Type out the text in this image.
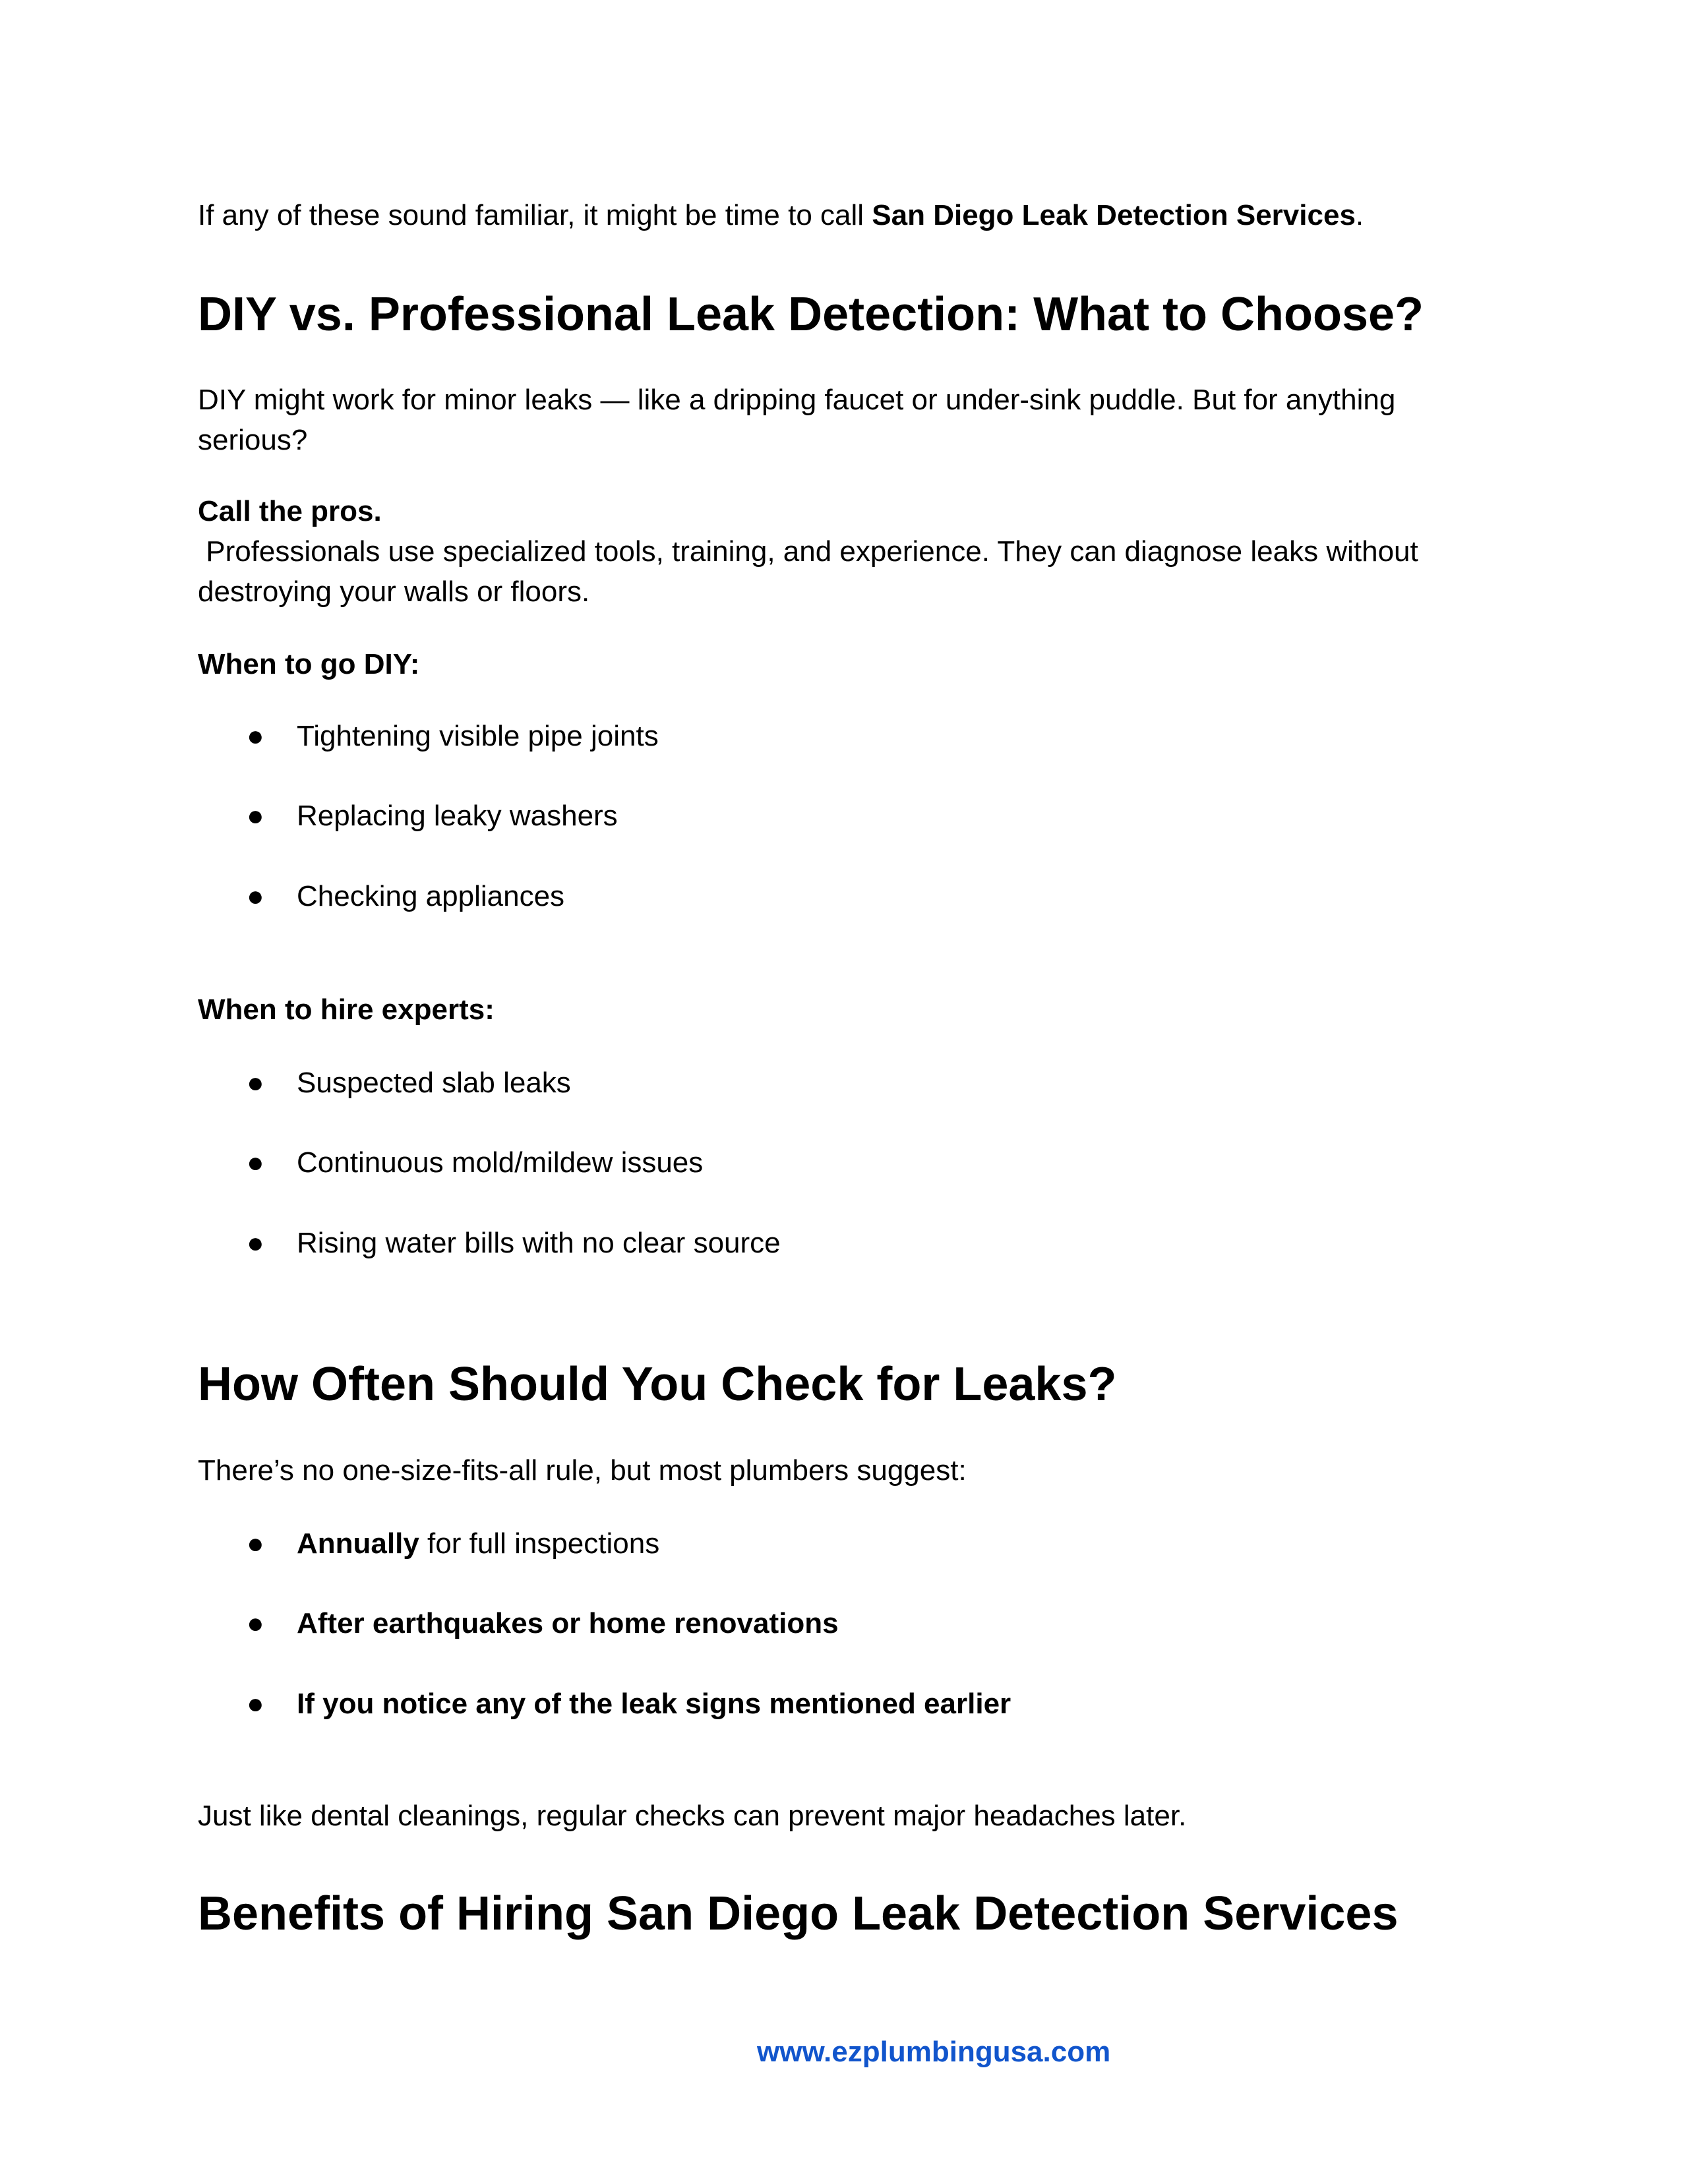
If any of these sound familiar, it might be time to call San Diego Leak Detection Services.
DIY vs. Professional Leak Detection: What to Choose?
DIY might work for minor leaks — like a dripping faucet or under-sink puddle. But for anything
serious?
Call the pros.
Professionals use specialized tools, training, and experience. They can diagnose leaks without
destroying your walls or floors.
When to go DIY:
● Tightening visible pipe joints
● Replacing leaky washers
● Checking appliances
When to hire experts:
● Suspected slab leaks
● Continuous mold/mildew issues
● Rising water bills with no clear source
How Often Should You Check for Leaks?
There’s no one-size-fits-all rule, but most plumbers suggest:
● Annually for full inspections
● After earthquakes or home renovations
● If you notice any of the leak signs mentioned earlier
Just like dental cleanings, regular checks can prevent major headaches later.
Benefits of Hiring San Diego Leak Detection Services
www.ezplumbingusa.com
